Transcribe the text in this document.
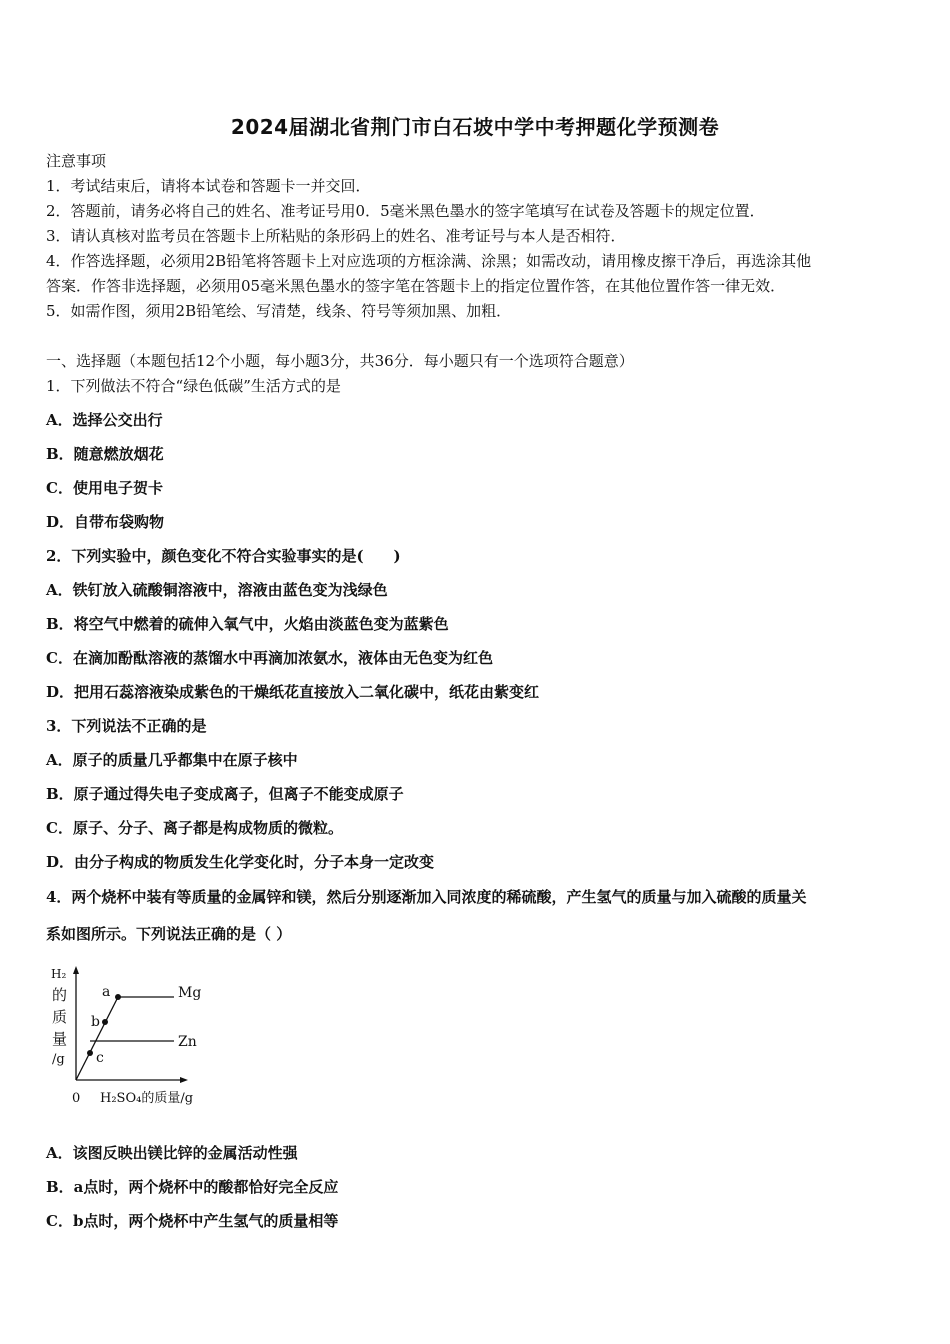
2024届湖北省荆门市白石坡中学中考押题化学预测卷
注意事项
1．考试结束后，请将本试卷和答题卡一并交回．
2．答题前，请务必将自己的姓名、准考证号用0．5毫米黑色墨水的签字笔填写在试卷及答题卡的规定位置．
3．请认真核对监考员在答题卡上所粘贴的条形码上的姓名、准考证号与本人是否相符．
4．作答选择题，必须用2B铅笔将答题卡上对应选项的方框涂满、涂黑；如需改动，请用橡皮擦干净后，再选涂其他
答案．作答非选择题，必须用05毫米黑色墨水的签字笔在答题卡上的指定位置作答，在其他位置作答一律无效．
5．如需作图，须用2B铅笔绘、写清楚，线条、符号等须加黑、加粗．
一、选择题（本题包括12个小题，每小题3分，共36分．每小题只有一个选项符合题意）
1．下列做法不符合“绿色低碳”生活方式的是
A．选择公交出行
B．随意燃放烟花
C．使用电子贺卡
D．自带布袋购物
2．下列实验中，颜色变化不符合实验事实的是(　　)
A．铁钉放入硫酸铜溶液中，溶液由蓝色变为浅绿色
B．将空气中燃着的硫伸入氧气中，火焰由淡蓝色变为蓝紫色
C．在滴加酚酞溶液的蒸馏水中再滴加浓氨水，液体由无色变为红色
D．把用石蕊溶液染成紫色的干燥纸花直接放入二氧化碳中，纸花由紫变红
3．下列说法不正确的是
A．原子的质量几乎都集中在原子核中
B．原子通过得失电子变成离子，但离子不能变成原子
C．原子、分子、离子都是构成物质的微粒。
D．由分子构成的物质发生化学变化时，分子本身一定改变
4．两个烧杯中装有等质量的金属锌和镁，然后分别逐渐加入同浓度的稀硫酸，产生氢气的质量与加入硫酸的质量关
系如图所示。下列说法正确的是（ ）
a
b
c
Mg
Zn
H₂
的
质
量
/g
0 H₂SO₄的质量/g
A．该图反映出镁比锌的金属活动性强
B．a点时，两个烧杯中的酸都恰好完全反应
C．b点时，两个烧杯中产生氢气的质量相等
